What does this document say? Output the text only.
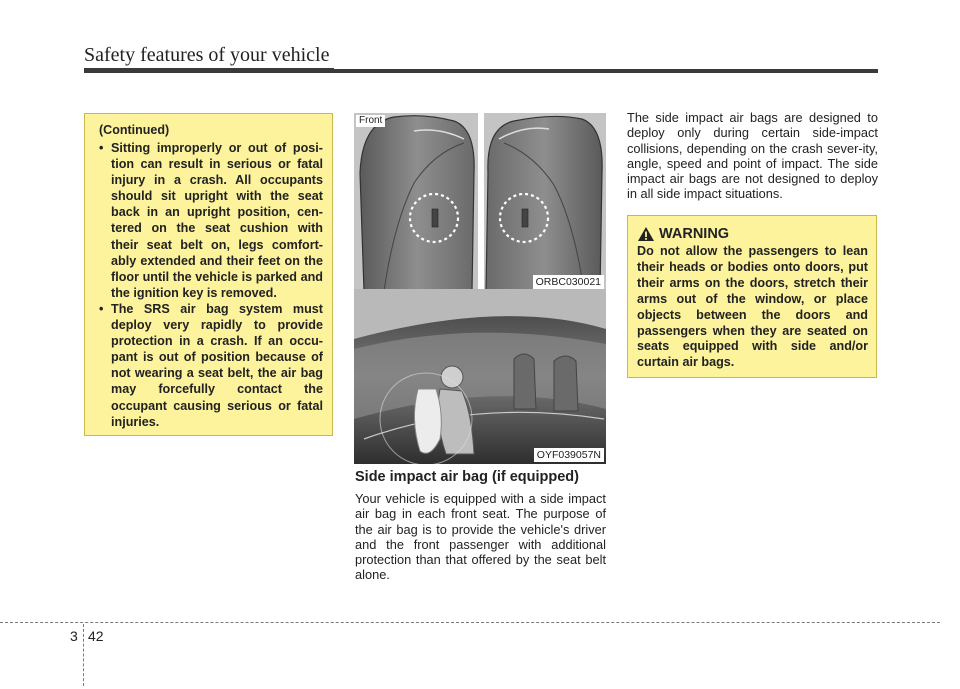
Safety features of your vehicle
(Continued)
• Sitting improperly or out of posi-tion can result in serious or fatal injury in a crash. All occupants should sit upright with the seat back in an upright position, cen-tered on the seat cushion with their seat belt on, legs comfort-ably extended and their feet on the floor until the vehicle is parked and the ignition key is removed.
• The SRS air bag system must deploy very rapidly to provide protection in a crash. If an occu-pant is out of position because of not wearing a seat belt, the air bag may forcefully contact the occupant causing serious or fatal injuries.
Front
ORBC030021
OYF039057N
Side impact air bag (if equipped)
Your vehicle is equipped with a side impact air bag in each front seat. The purpose of the air bag is to provide the vehicle's driver and the front passenger with additional protection than that offered by the seat belt alone.
The side impact air bags are designed to deploy only during certain side-impact collisions, depending on the crash sever-ity, angle, speed and point of impact. The side impact air bags are not designed to deploy in all side impact situations.
WARNING
Do not allow the passengers to lean their heads or bodies onto doors, put their arms on the doors, stretch their arms out of the window, or place objects between the doors and passengers when they are seated on seats equipped with side and/or curtain air bags.
3 42
